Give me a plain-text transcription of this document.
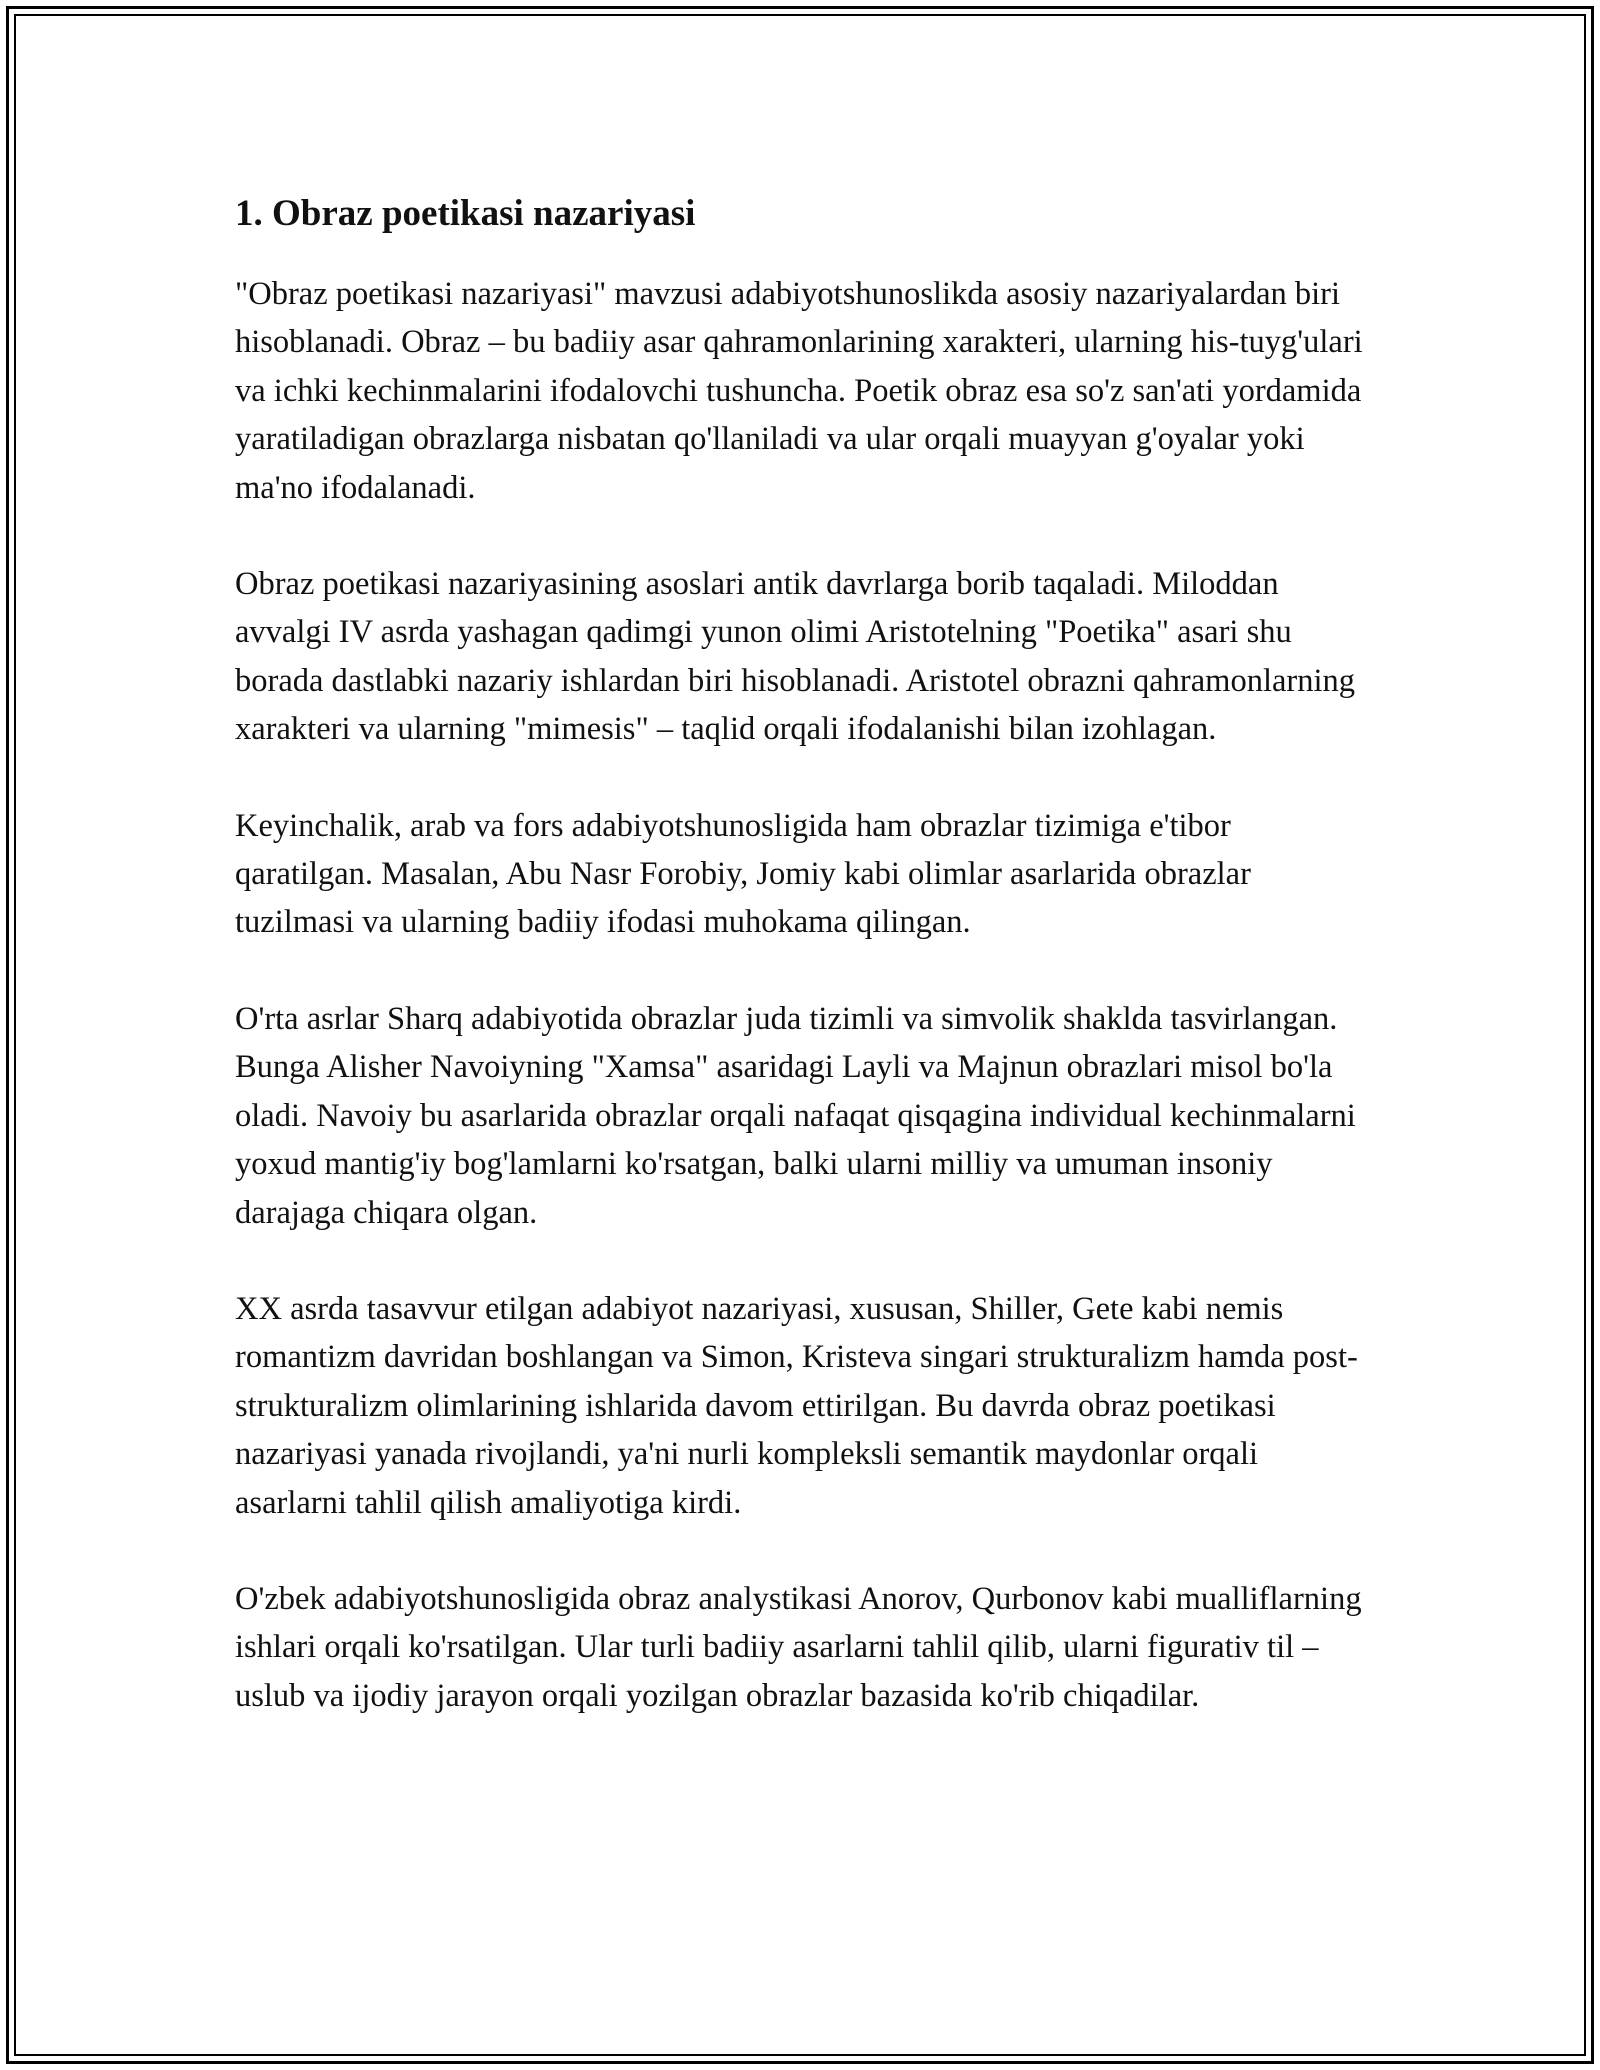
1. Obraz poetikasi nazariyasi

"Obraz poetikasi nazariyasi" mavzusi adabiyotshunoslikda asosiy nazariyalardan biri hisoblanadi. Obraz – bu badiiy asar qahramonlarining xarakteri, ularning his-tuyg'ulari va ichki kechinmalarini ifodalovchi tushuncha. Poetik obraz esa so'z san'ati yordamida yaratiladigan obrazlarga nisbatan qo'llaniladi va ular orqali muayyan g'oyalar yoki ma'no ifodalanadi.

Obraz poetikasi nazariyasining asoslari antik davrlarga borib taqaladi. Miloddan avvalgi IV asrda yashagan qadimgi yunon olimi Aristotelning "Poetika" asari shu borada dastlabki nazariy ishlardan biri hisoblanadi. Aristotel obrazni qahramonlarning xarakteri va ularning "mimesis" – taqlid orqali ifodalanishi bilan izohlagan.

Keyinchalik, arab va fors adabiyotshunosligida ham obrazlar tizimiga e'tibor qaratilgan. Masalan, Abu Nasr Forobiy, Jomiy kabi olimlar asarlarida obrazlar tuzilmasi va ularning badiiy ifodasi muhokama qilingan.

O'rta asrlar Sharq adabiyotida obrazlar juda tizimli va simvolik shaklda tasvirlangan. Bunga Alisher Navoiyning "Xamsa" asaridagi Layli va Majnun obrazlari misol bo'la oladi. Navoiy bu asarlarida obrazlar orqali nafaqat qisqagina individual kechinmalarni yoxud mantig'iy bog'lamlarni ko'rsatgan, balki ularni milliy va umuman insoniy darajaga chiqara olgan.

XX asrda tasavvur etilgan adabiyot nazariyasi, xususan, Shiller, Gete kabi nemis romantizm davridan boshlangan va Simon, Kristeva singari strukturalizm hamda post-strukturalizm olimlarining ishlarida davom ettirilgan. Bu davrda obraz poetikasi nazariyasi yanada rivojlandi, ya'ni nurli kompleksli semantik maydonlar orqali asarlarni tahlil qilish amaliyotiga kirdi.

O'zbek adabiyotshunosligida obraz analystikasi Anorov, Qurbonov kabi mualliflarning ishlari orqali ko'rsatilgan. Ular turli badiiy asarlarni tahlil qilib, ularni figurativ til – uslub va ijodiy jarayon orqali yozilgan obrazlar bazasida ko'rib chiqadilar.
